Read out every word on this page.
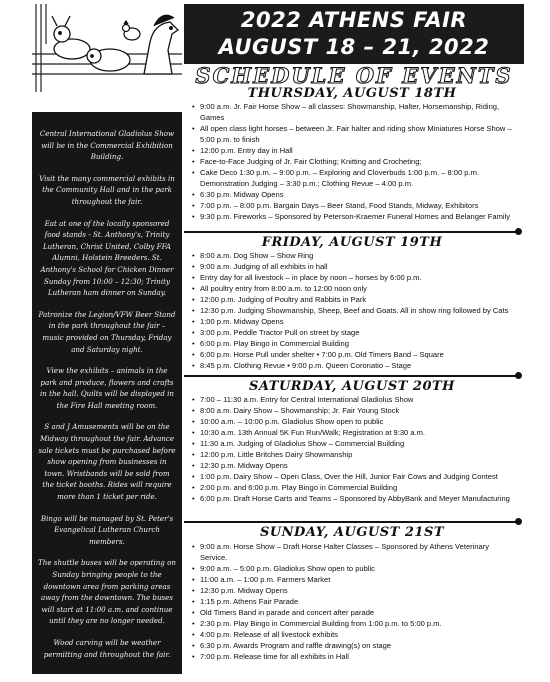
2022 ATHENS FAIR
AUGUST 18 – 21, 2022
SCHEDULE OF EVENTS

Central International Gladiolus Show will be in the Commercial Exhibition Building.

Visit the many commercial exhibits in the Community Hall and in the park throughout the fair.

Eat at one of the locally sponsored food stands - St. Anthony's, Trinity Lutheran, Christ United, Colby FFA Alumni, Holstein Breeders. St. Anthony's School for Chicken Dinner Sunday from 10:00 – 12:30; Trinity Lutheran ham dinner on Sunday.

Patronize the Legion/VFW Beer Stand in the park throughout the fair – music provided on Thursday, Friday and Saturday night.

View the exhibits – animals in the park and produce, flowers and crafts in the hall. Quilts will be displayed in the Fire Hall meeting room.

S and J Amusements will be on the Midway throughout the fair. Advance sale tickets must be purchased before show opening from businesses in town. Wristbands will be sold from the ticket booths. Rides will require more than 1 ticket per ride.

Bingo will be managed by St. Peter's Evangelical Lutheran Church members.

The shuttle buses will be operating on Sunday bringing people to the downtown area from parking areas away from the downtown. The buses will start at 11:00 a.m. and continue until they are no longer needed.

Wood carving will be weather permitting and throughout the fair.

THURSDAY, AUGUST 18TH
• 9:00 a.m. Jr. Fair Horse Show – all classes: Showmanship, Halter, Horsemanship, Riding, Games
• All open class light horses – between Jr. Fair halter and riding show Miniatures Horse Show – 5:00 p.m. to finish
• 12:00 p.m. Entry day in Hall
• Face-to-Face Judging of Jr. Fair Clothing; Knitting and Crocheting;
• Cake Deco 1:30 p.m. – 9:00 p.m. – Exploring and Cloverbuds 1:00 p.m. – 8:00 p.m. Demonstration Judging – 3:30 p.m.; Clothing Revue – 4:00 p.m.
• 6:30 p.m. Midway Opens
• 7:00 p.m. – 8:00 p.m. Bargain Days – Beer Stand, Food Stands, Midway, Exhibitors
• 9:30 p.m. Fireworks – Sponsored by Peterson-Kraemer Funeral Homes and Belanger Family
FRIDAY, AUGUST 19TH
• 8:00 a.m. Dog Show – Show Ring
• 9:00 a.m. Judging of all exhibits in hall
• Entry day for all livestock – in place by noon – horses by 6:00 p.m.
• All poultry entry from 8:00 a.m. to 12:00 noon only
• 12:00 p.m. Judging of Poultry and Rabbits in Park
• 12:30 p.m. Judging Showmanship, Sheep, Beef and Goats. All in show ring followed by Cats
• 1:00 p.m. Midway Opens
• 3:00 p.m. Peddle Tractor Pull on street by stage
• 6:00 p.m. Play Bingo in Commercial Building
• 6:00 p.m. Horse Pull under shelter • 7:00 p.m. Old Timers Band – Square
• 8:45 p.m. Clothing Revue • 9:00 p.m. Queen Coronatio – Stage
SATURDAY, AUGUST 20TH
• 7:00 – 11:30 a.m. Entry for Central International Gladiolus Show
• 8:00 a.m. Dairy Show – Showmanship; Jr. Fair Young Stock
• 10:00 a.m. – 10:00 p.m. Gladiolus Show open to public
• 10:30 a.m. 13th Annual 5K Fun Run/Walk; Registration at 9:30 a.m.
• 11:30 a.m. Judging of Gladiolus Show – Commercial Building
• 12:00 p.m. Little Britches Dairy Showmanship
• 12:30 p.m. Midway Opens
• 1:00 p.m. Dairy Show – Open Class, Over the Hill, Junior Fair Cows and Judging Contest
• 2:00 p.m. and 6:00 p.m. Play Bingo in Commercial Building
• 6:00 p.m. Draft Horse Carts and Teams – Sponsored by AbbyBank and Meyer Manufacturing
SUNDAY, AUGUST 21ST
• 9:00 a.m. Horse Show – Draft Horse Halter Classes – Sponsored by Athens Veterinary Service.
• 9:00 a.m. – 5:00 p.m. Gladiolus Show open to public
• 11:00 a.m. – 1:00 p.m. Farmers Market
• 12:30 p.m. Midway Opens
• 1:15 p.m. Athens Fair Parade
• Old Timers Band in parade and concert after parade
• 2:30 p.m. Play Bingo in Commercial Building from 1:00 p.m. to 5:00 p.m.
• 4:00 p.m. Release of all livestock exhibits
• 6:30 p.m. Awards Program and raffle drawing(s) on stage
• 7:00 p.m. Release time for all exhibits in Hall
